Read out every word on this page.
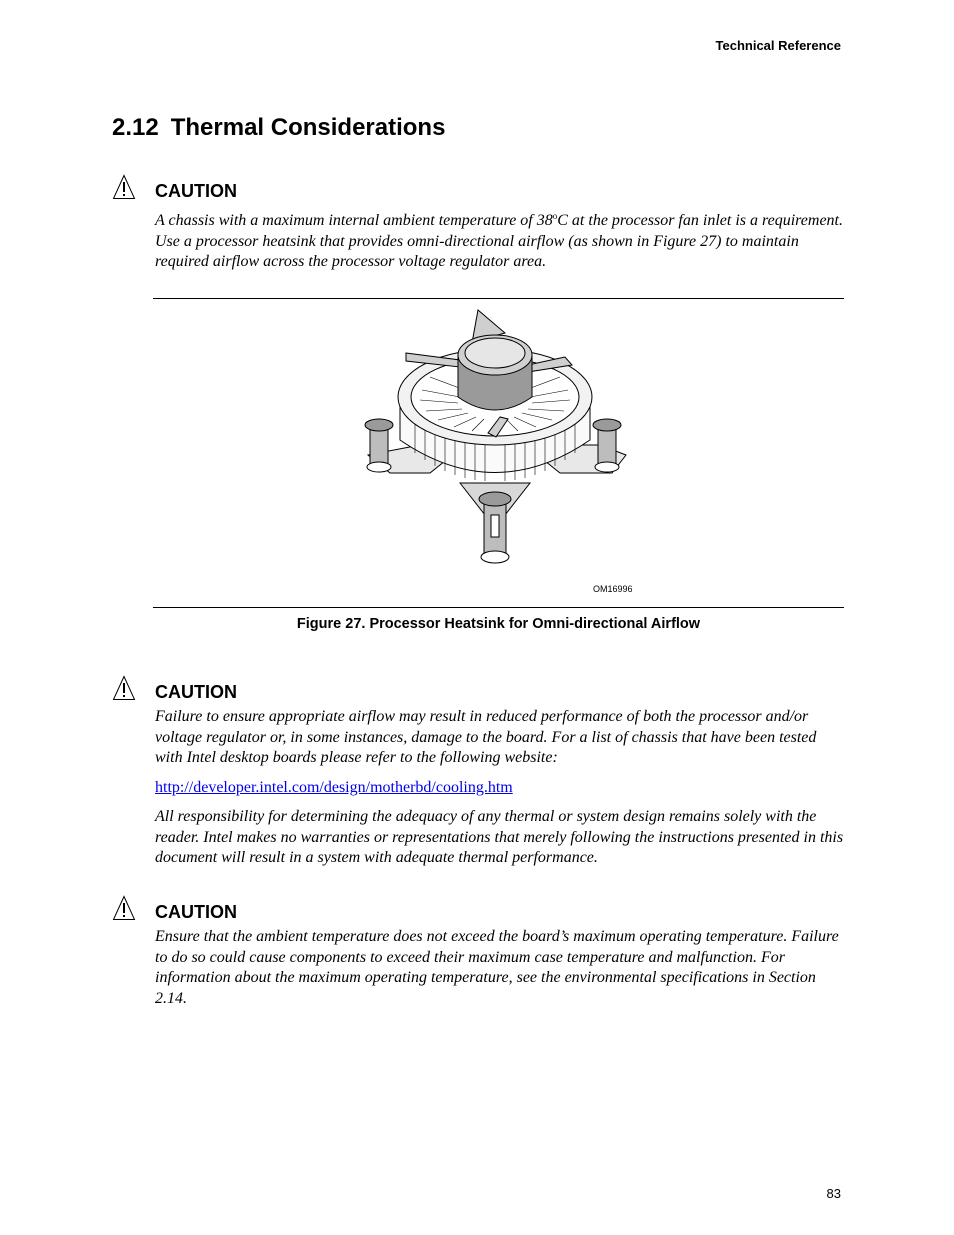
Technical Reference
2.12 Thermal Considerations
CAUTION

A chassis with a maximum internal ambient temperature of 38$^o$C at the processor fan inlet is a requirement. Use a processor heatsink that provides omni-directional airflow (as shown in Figure 27) to maintain required airflow across the processor voltage regulator area.

OM16996
Figure 27. Processor Heatsink for Omni-directional Airflow
CAUTION

Failure to ensure appropriate airflow may result in reduced performance of both the processor and/or voltage regulator or, in some instances, damage to the board. For a list of chassis that have been tested with Intel desktop boards please refer to the following website:

http://developer.intel.com/design/motherbd/cooling.htm

All responsibility for determining the adequacy of any thermal or system design remains solely with the reader. Intel makes no warranties or representations that merely following the instructions presented in this document will result in a system with adequate thermal performance.

CAUTION

Ensure that the ambient temperature does not exceed the board’s maximum operating temperature. Failure to do so could cause components to exceed their maximum case temperature and malfunction. For information about the maximum operating temperature, see the environmental specifications in Section 2.14.

83
